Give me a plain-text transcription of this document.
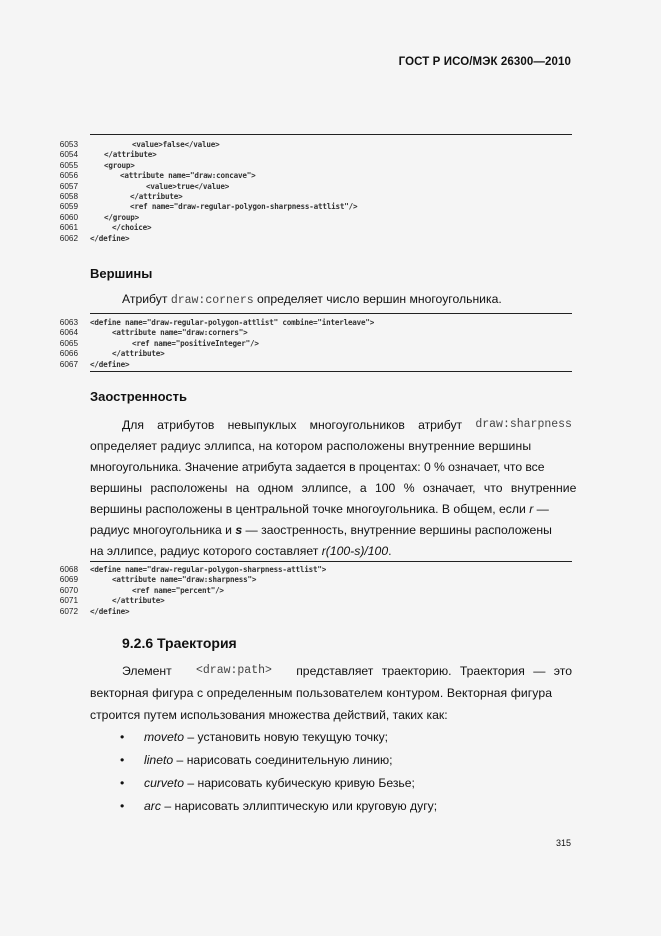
ГОСТ Р ИСО/МЭК 26300—2010
6053	<value>false</value>
6054	</attribute>
6055	<group>
6056	<attribute name="draw:concave">
6057	<value>true</value>
6058	</attribute>
6059	<ref name="draw-regular-polygon-sharpness-attlist"/>
6060	</group>
6061	</choice>
6062 </define>
Вершины
Атрибут draw:corners определяет число вершин многоугольника.
6063 <define name="draw-regular-polygon-attlist" combine="interleave">
6064	<attribute name="draw:corners">
6065	<ref name="positiveInteger"/>
6066	</attribute>
6067 </define>
Заостренность
Для атрибутов невыпуклых многоугольников атрибут draw:sharpness
определяет радиус эллипса, на котором расположены внутренние вершины
многоугольника. Значение атрибута задается в процентах: 0 % означает, что все
вершины расположены на одном эллипсе, а 100 % означает, что внутренние
вершины расположены в центральной точке многоугольника. В общем, если r —
радиус многоугольника и s — заостренность, внутренние вершины расположены
на эллипсе, радиус которого составляет r(100-s)/100.
6068 <define name="draw-regular-polygon-sharpness-attlist">
6069	<attribute name="draw:sharpness">
6070	<ref name="percent"/>
6071	</attribute>
6072 </define>
9.2.6 Траектория
Элемент <draw:path> представляет траекторию. Траектория — это
векторная фигура с определенным пользователем контуром. Векторная фигура
строится путем использования множества действий, таких как:
• moveto – установить новую текущую точку;
• lineto – нарисовать соединительную линию;
• curveto – нарисовать кубическую кривую Безье;
• arc – нарисовать эллиптическую или круговую дугу;
315
